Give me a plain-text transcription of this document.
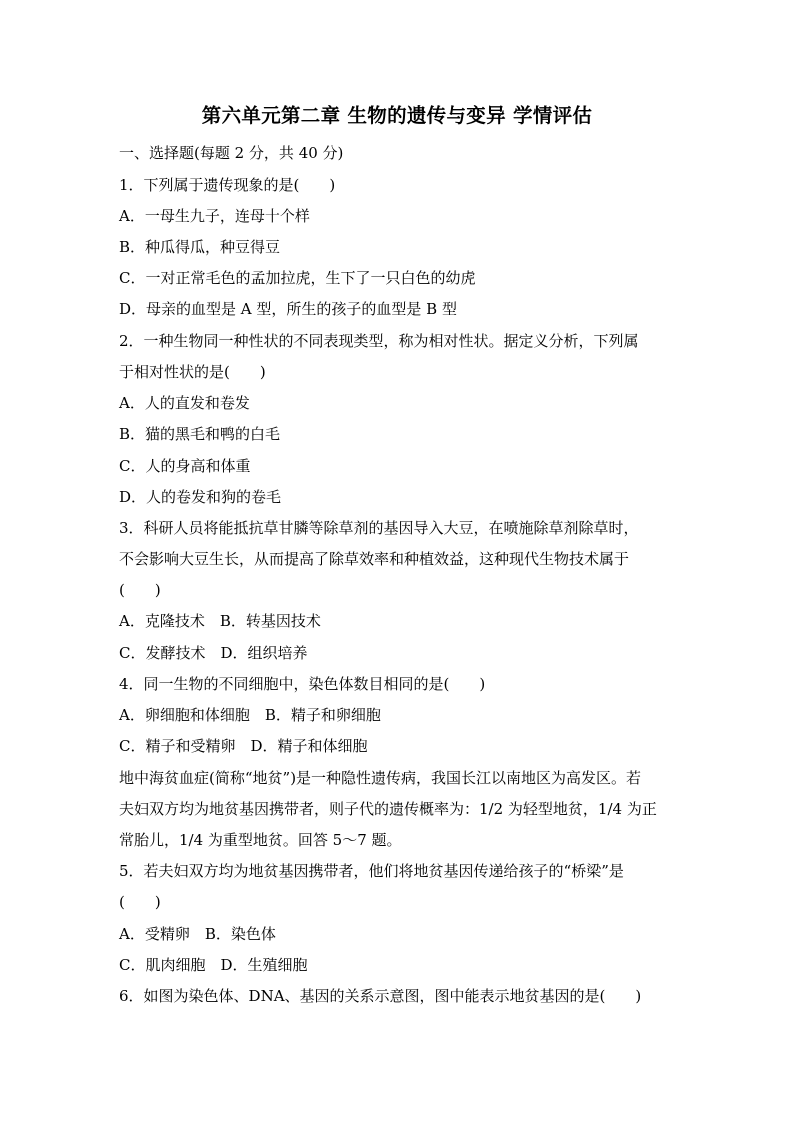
第六单元第二章 生物的遗传与变异 学情评估
一、选择题(每题 2 分，共 40 分)
1．下列属于遗传现象的是(　　)
A．一母生九子，连母十个样
B．种瓜得瓜，种豆得豆
C．一对正常毛色的孟加拉虎，生下了一只白色的幼虎
D．母亲的血型是 A 型，所生的孩子的血型是 B 型
2．一种生物同一种性状的不同表现类型，称为相对性状。据定义分析，下列属
于相对性状的是(　　)
A．人的直发和卷发
B．猫的黑毛和鸭的白毛
C．人的身高和体重
D．人的卷发和狗的卷毛
3．科研人员将能抵抗草甘膦等除草剂的基因导入大豆，在喷施除草剂除草时，
不会影响大豆生长，从而提高了除草效率和种植效益，这种现代生物技术属于
(　　)
A．克隆技术　B．转基因技术
C．发酵技术　D．组织培养
4．同一生物的不同细胞中，染色体数目相同的是(　　)
A．卵细胞和体细胞　B．精子和卵细胞
C．精子和受精卵　D．精子和体细胞
地中海贫血症(简称“地贫”)是一种隐性遗传病，我国长江以南地区为高发区。若
夫妇双方均为地贫基因携带者，则子代的遗传概率为：1/2 为轻型地贫，1/4 为正
常胎儿，1/4 为重型地贫。回答 5～7 题。
5．若夫妇双方均为地贫基因携带者，他们将地贫基因传递给孩子的“桥梁”是
(　　)
A．受精卵　B．染色体
C．肌肉细胞　D．生殖细胞
6．如图为染色体、DNA、基因的关系示意图，图中能表示地贫基因的是(　　)
